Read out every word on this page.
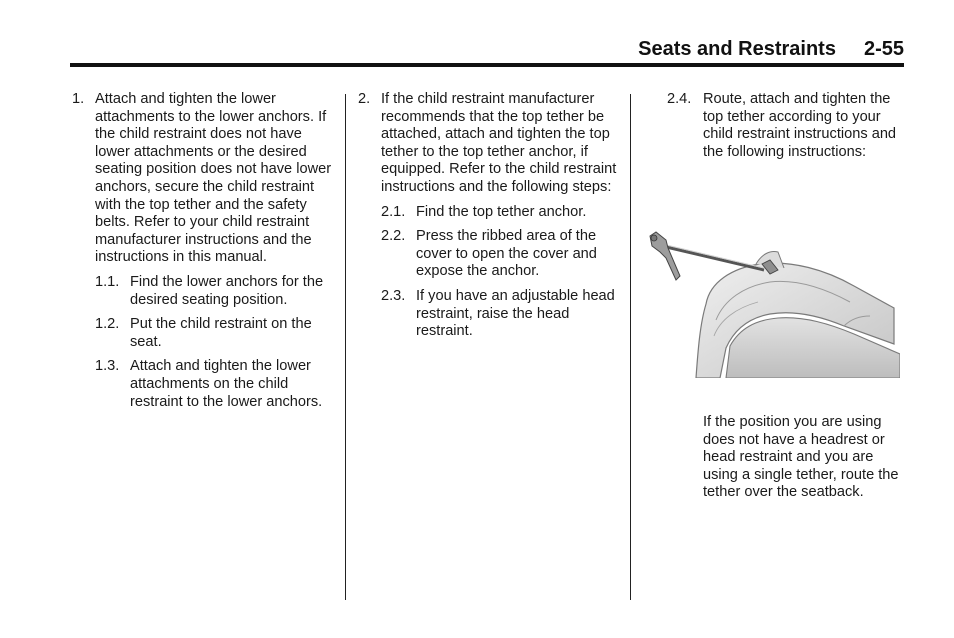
Seats and Restraints 2-55
1. Attach and tighten the lower attachments to the lower anchors. If the child restraint does not have lower attachments or the desired seating position does not have lower anchors, secure the child restraint with the top tether and the safety belts. Refer to your child restraint manufacturer instructions and the instructions in this manual.
1.1. Find the lower anchors for the desired seating position.
1.2. Put the child restraint on the seat.
1.3. Attach and tighten the lower attachments on the child restraint to the lower anchors.
2. If the child restraint manufacturer recommends that the top tether be attached, attach and tighten the top tether to the top tether anchor, if equipped. Refer to the child restraint instructions and the following steps:
2.1. Find the top tether anchor.
2.2. Press the ribbed area of the cover to open the cover and expose the anchor.
2.3. If you have an adjustable head restraint, raise the head restraint.
2.4. Route, attach and tighten the top tether according to your child restraint instructions and the following instructions:
If the position you are using does not have a headrest or head restraint and you are using a single tether, route the tether over the seatback.
